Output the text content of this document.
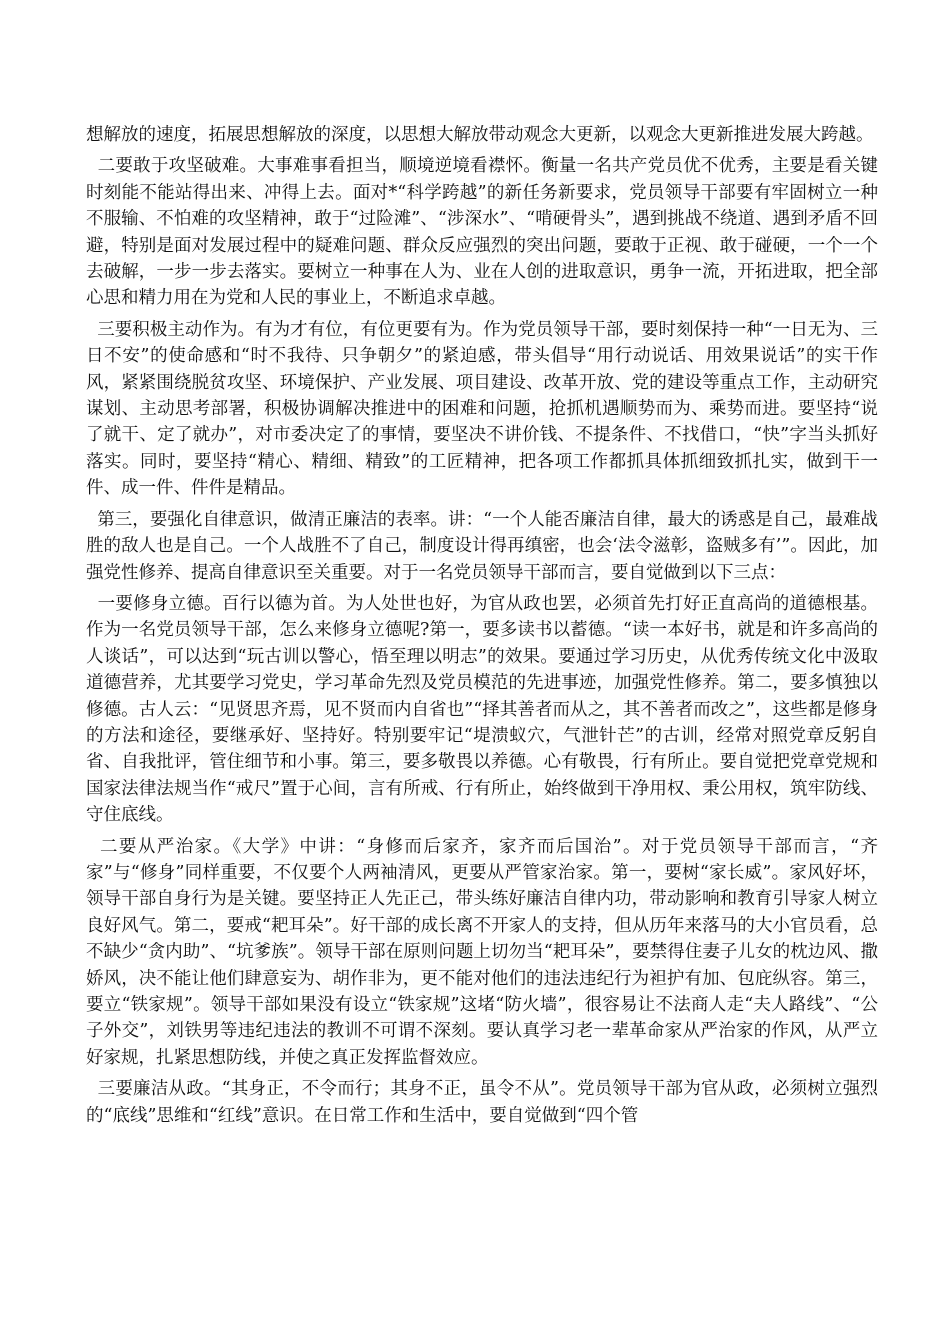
想解放的速度，拓展思想解放的深度，以思想大解放带动观念大更新，以观念大更新推进发展大跨越。

二要敢于攻坚破难。大事难事看担当，顺境逆境看襟怀。衡量一名共产党员优不优秀，主要是看关键时刻能不能站得出来、冲得上去。面对*“科学跨越”的新任务新要求，党员领导干部要有牢固树立一种不服输、不怕难的攻坚精神，敢于“过险滩”、“涉深水”、“啃硬骨头”，遇到挑战不绕道、遇到矛盾不回避，特别是面对发展过程中的疑难问题、群众反应强烈的突出问题，要敢于正视、敢于碰硬，一个一个去破解，一步一步去落实。要树立一种事在人为、业在人创的进取意识，勇争一流，开拓进取，把全部心思和精力用在为党和人民的事业上，不断追求卓越。

三要积极主动作为。有为才有位，有位更要有为。作为党员领导干部，要时刻保持一种“一日无为、三日不安”的使命感和“时不我待、只争朝夕”的紧迫感，带头倡导“用行动说话、用效果说话”的实干作风，紧紧围绕脱贫攻坚、环境保护、产业发展、项目建设、改革开放、党的建设等重点工作，主动研究谋划、主动思考部署，积极协调解决推进中的困难和问题，抢抓机遇顺势而为、乘势而进。要坚持“说了就干、定了就办”，对市委决定了的事情，要坚决不讲价钱、不提条件、不找借口，“快”字当头抓好落实。同时，要坚持“精心、精细、精致”的工匠精神，把各项工作都抓具体抓细致抓扎实，做到干一件、成一件、件件是精品。

第三，要强化自律意识，做清正廉洁的表率。讲：“一个人能否廉洁自律，最大的诱惑是自己，最难战胜的敌人也是自己。一个人战胜不了自己，制度设计得再缜密，也会‘法令滋彰，盗贼多有’”。因此，加强党性修养、提高自律意识至关重要。对于一名党员领导干部而言，要自觉做到以下三点：

一要修身立德。百行以德为首。为人处世也好，为官从政也罢，必须首先打好正直高尚的道德根基。作为一名党员领导干部，怎么来修身立德呢?第一，要多读书以蓄德。“读一本好书，就是和许多高尚的人谈话”，可以达到“玩古训以警心，悟至理以明志”的效果。要通过学习历史，从优秀传统文化中汲取道德营养，尤其要学习党史，学习革命先烈及党员模范的先进事迹，加强党性修养。第二，要多慎独以修德。古人云：“见贤思齐焉，见不贤而内自省也”“择其善者而从之，其不善者而改之”，这些都是修身的方法和途径，要继承好、坚持好。特别要牢记“堤溃蚁穴，气泄针芒”的古训，经常对照党章反躬自省、自我批评，管住细节和小事。第三，要多敬畏以养德。心有敬畏，行有所止。要自觉把党章党规和国家法律法规当作“戒尺”置于心间，言有所戒、行有所止，始终做到干净用权、秉公用权，筑牢防线、守住底线。

二要从严治家。《大学》中讲：“身修而后家齐，家齐而后国治”。对于党员领导干部而言，“齐家”与“修身”同样重要，不仅要个人两袖清风，更要从严管家治家。第一，要树“家长威”。家风好坏，领导干部自身行为是关键。要坚持正人先正己，带头练好廉洁自律内功，带动影响和教育引导家人树立良好风气。第二，要戒“耙耳朵”。好干部的成长离不开家人的支持，但从历年来落马的大小官员看，总不缺少“贪内助”、“坑爹族”。领导干部在原则问题上切勿当“耙耳朵”，要禁得住妻子儿女的枕边风、撒娇风，决不能让他们肆意妄为、胡作非为，更不能对他们的违法违纪行为袒护有加、包庇纵容。第三，要立“铁家规”。领导干部如果没有设立“铁家规”这堵“防火墙”，很容易让不法商人走“夫人路线”、“公子外交”，刘铁男等违纪违法的教训不可谓不深刻。要认真学习老一辈革命家从严治家的作风，从严立好家规，扎紧思想防线，并使之真正发挥监督效应。

三要廉洁从政。“其身正，不令而行；其身不正，虽令不从”。党员领导干部为官从政，必须树立强烈的“底线”思维和“红线”意识。在日常工作和生活中，要自觉做到“四个管
